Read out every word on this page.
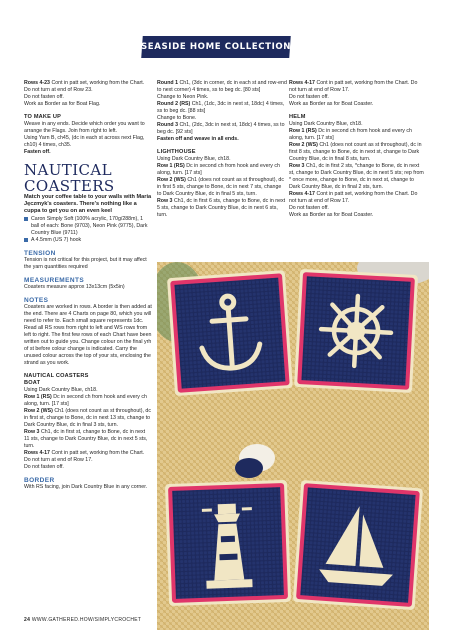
SEASIDE HOME COLLECTION

Rows 4-23 Cont in patt set, working from the Chart. Do not turn at end of Row 23.

Do not fasten off.

Work as Border as for Boat Flag.

TO MAKE UP

Weave in any ends. Decide which order you want to arrange the Flags. Join from right to left.

Using Yarn B, ch45, (dc in each st across next Flag, ch10) 4 times, ch35.

Fasten off.

NAUTICAL COASTERS

Match your coffee table to your walls with Maria Jęczmyk's coasters. There's nothing like a cuppa to get you on an even keel

Caron Simply Soft (100% acrylic, 170g/288m), 1 ball of each: Bone (9703), Neon Pink (9775), Dark Country Blue (9711)
A 4.5mm (US 7) hook

TENSION

Tension is not critical for this project, but it may affect the yarn quantities required

MEASUREMENTS

Coasters measure approx 13x13cm (5x5in)

NOTES

Coasters are worked in rows. A border is then added at the end. There are 4 Charts on page 80, which you will need to refer to. Each small square represents 1dc. Read all RS rows from right to left and WS rows from left to right. The first few rows of each Chart have been written out to guide you. Change colour on the final yrh of st before colour change is indicated. Carry the unused colour across the top of your sts, enclosing the strand as you work.

NAUTICAL COASTERS

BOAT

Using Dark Country Blue, ch18.

Row 1 (RS) Dc in second ch from hook and every ch along, turn. [17 sts]

Row 2 (WS) Ch1 (does not count as st throughout), dc in first st, change to Bone, dc in next 13 sts, change to Dark Country Blue, dc in final 3 sts, turn.

Row 3 Ch1, dc in first st, change to Bone, dc in next 11 sts, change to Dark Country Blue, dc in next 5 sts, turn.

Rows 4-17 Cont in patt set, working from the Chart. Do not turn at end of Row 17.

Do not fasten off.

BORDER

With RS facing, join Dark Country Blue in any corner.

Round 1 Ch1, (3dc in corner, dc in each st and row-end to next corner) 4 times, ss to beg dc. [80 sts]

Change to Neon Pink.

Round 2 (RS) Ch1, (1dc, 3dc in next st, 18dc) 4 times, ss to beg dc. [88 sts]

Change to Bone.

Round 3 Ch1, (2dc, 3dc in next st, 18dc) 4 times, ss to beg dc. [92 sts]

Fasten off and weave in all ends.

LIGHTHOUSE

Using Dark Country Blue, ch18.

Row 1 (RS) Dc in second ch from hook and every ch along, turn. [17 sts]

Row 2 (WS) Ch1 (does not count as st throughout), dc in first 5 sts, change to Bone, dc in next 7 sts, change to Dark Country Blue, dc in final 5 sts, turn.

Row 3 Ch1, dc in first 6 sts, change to Bone, dc in next 5 sts, change to Dark Country Blue, dc in next 6 sts, turn.

Rows 4-17 Cont in patt set, working from the Chart. Do not turn at end of Row 17.

Do not fasten off.

Work as Border as for Boat Coaster.

HELM

Using Dark Country Blue, ch18.

Row 1 (RS) Dc in second ch from hook and every ch along, turn. [17 sts]

Row 2 (WS) Ch1 (does not count as st throughout), dc in first 8 sts, change to Bone, dc in next st, change to Dark Country Blue, dc in final 8 sts, turn.

Row 3 Ch1, dc in first 2 sts, *change to Bone, dc in next st, change to Dark Country Blue, dc in next 5 sts; rep from * once more, change to Bone, dc in next st, change to Dark Country Blue, dc in final 2 sts, turn.

Rows 4-17 Cont in patt set, working from the Chart. Do not turn at end of Row 17.

Do not fasten off.

Work as Border as for Boat Coaster.

24 WWW.GATHERED.HOW/SIMPLYCROCHET
